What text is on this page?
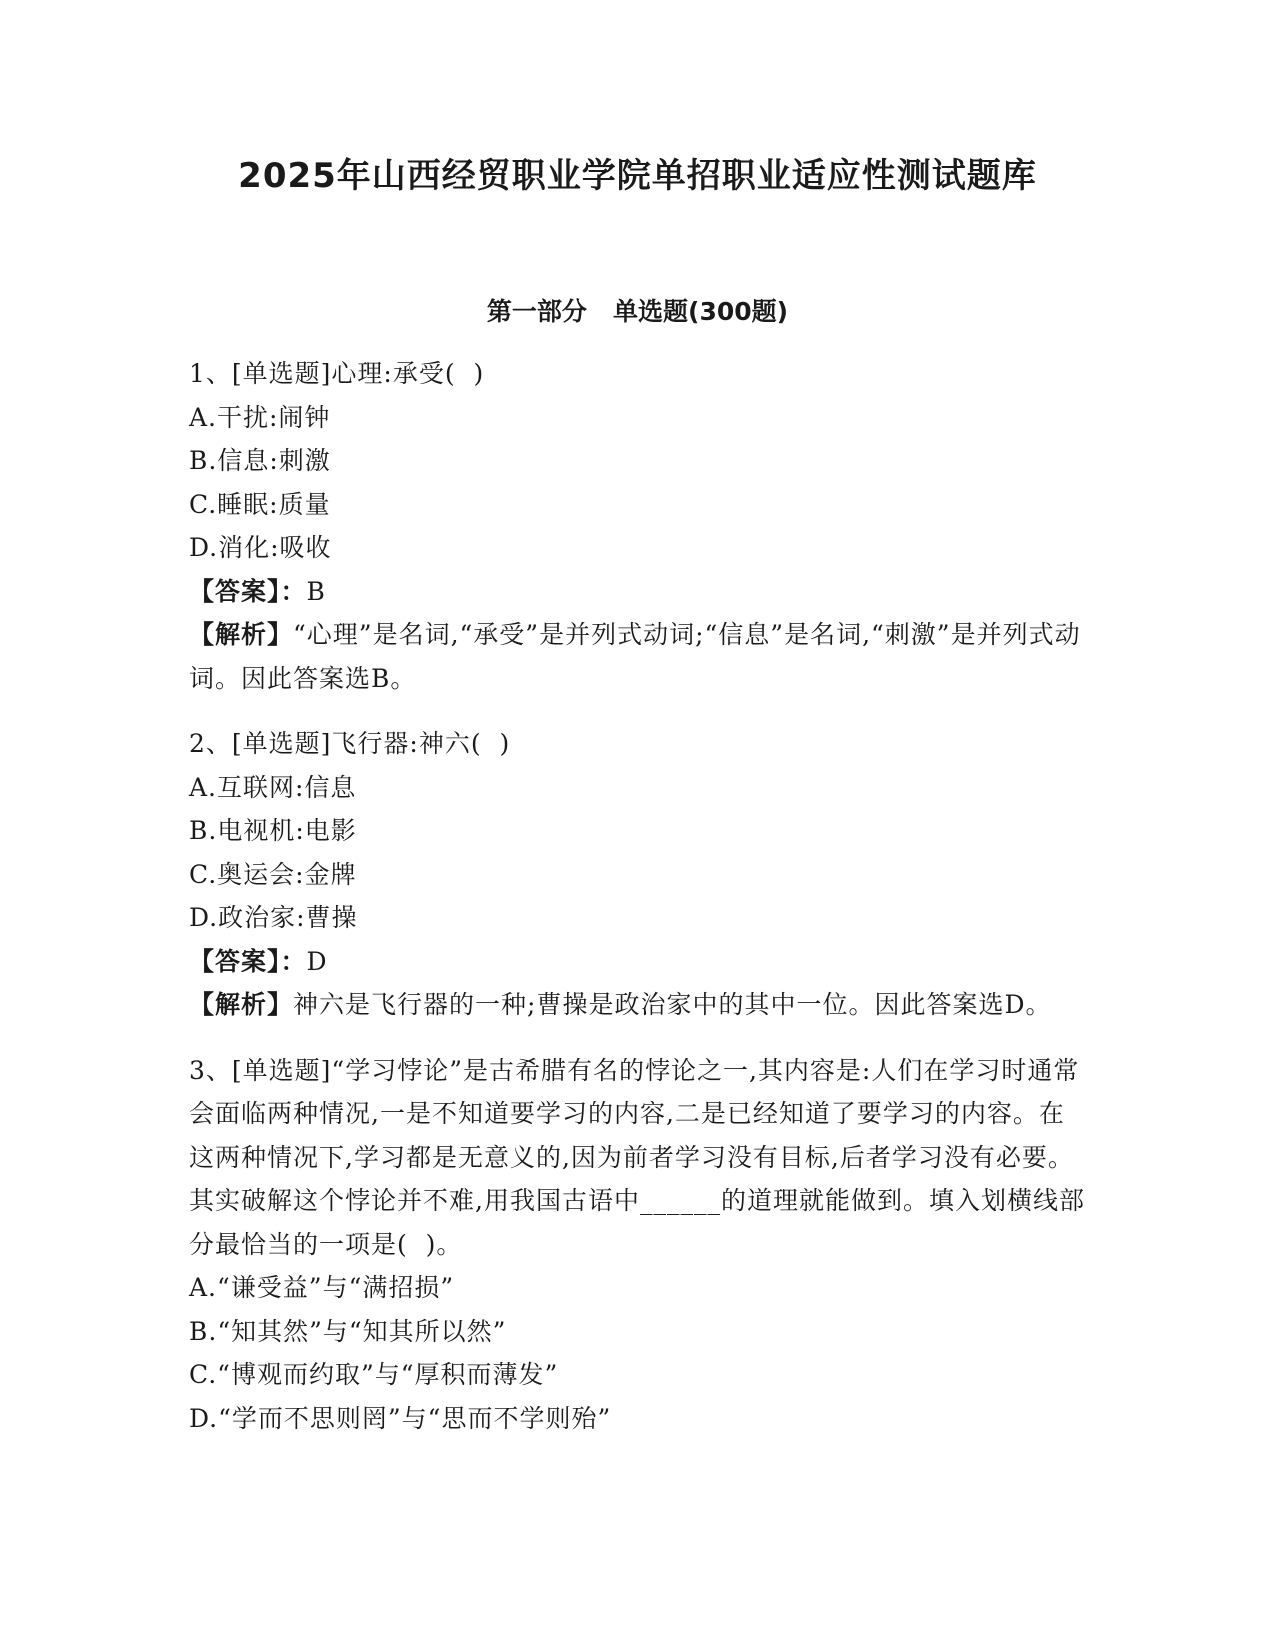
2025年山西经贸职业学院单招职业适应性测试题库
第一部分   单选题(300题)

1、[单选题]心理:承受(  )

A.干扰:闹钟

B.信息:刺激

C.睡眠:质量

D.消化:吸收

【答案】：B

【解析】“心理”是名词,“承受”是并列式动词;“信息”是名词,“刺激”是并列式动词。因此答案选B。

2、[单选题]飞行器:神六(  )

A.互联网:信息

B.电视机:电影

C.奥运会:金牌

D.政治家:曹操

【答案】：D

【解析】神六是飞行器的一种;曹操是政治家中的其中一位。因此答案选D。

3、[单选题]“学习悖论”是古希腊有名的悖论之一,其内容是:人们在学习时通常会面临两种情况,一是不知道要学习的内容,二是已经知道了要学习的内容。在这两种情况下,学习都是无意义的,因为前者学习没有目标,后者学习没有必要。其实破解这个悖论并不难,用我国古语中______的道理就能做到。填入划横线部分最恰当的一项是(  )。

A.“谦受益”与“满招损”

B.“知其然”与“知其所以然”

C.“博观而约取”与“厚积而薄发”

D.“学而不思则罔”与“思而不学则殆”
